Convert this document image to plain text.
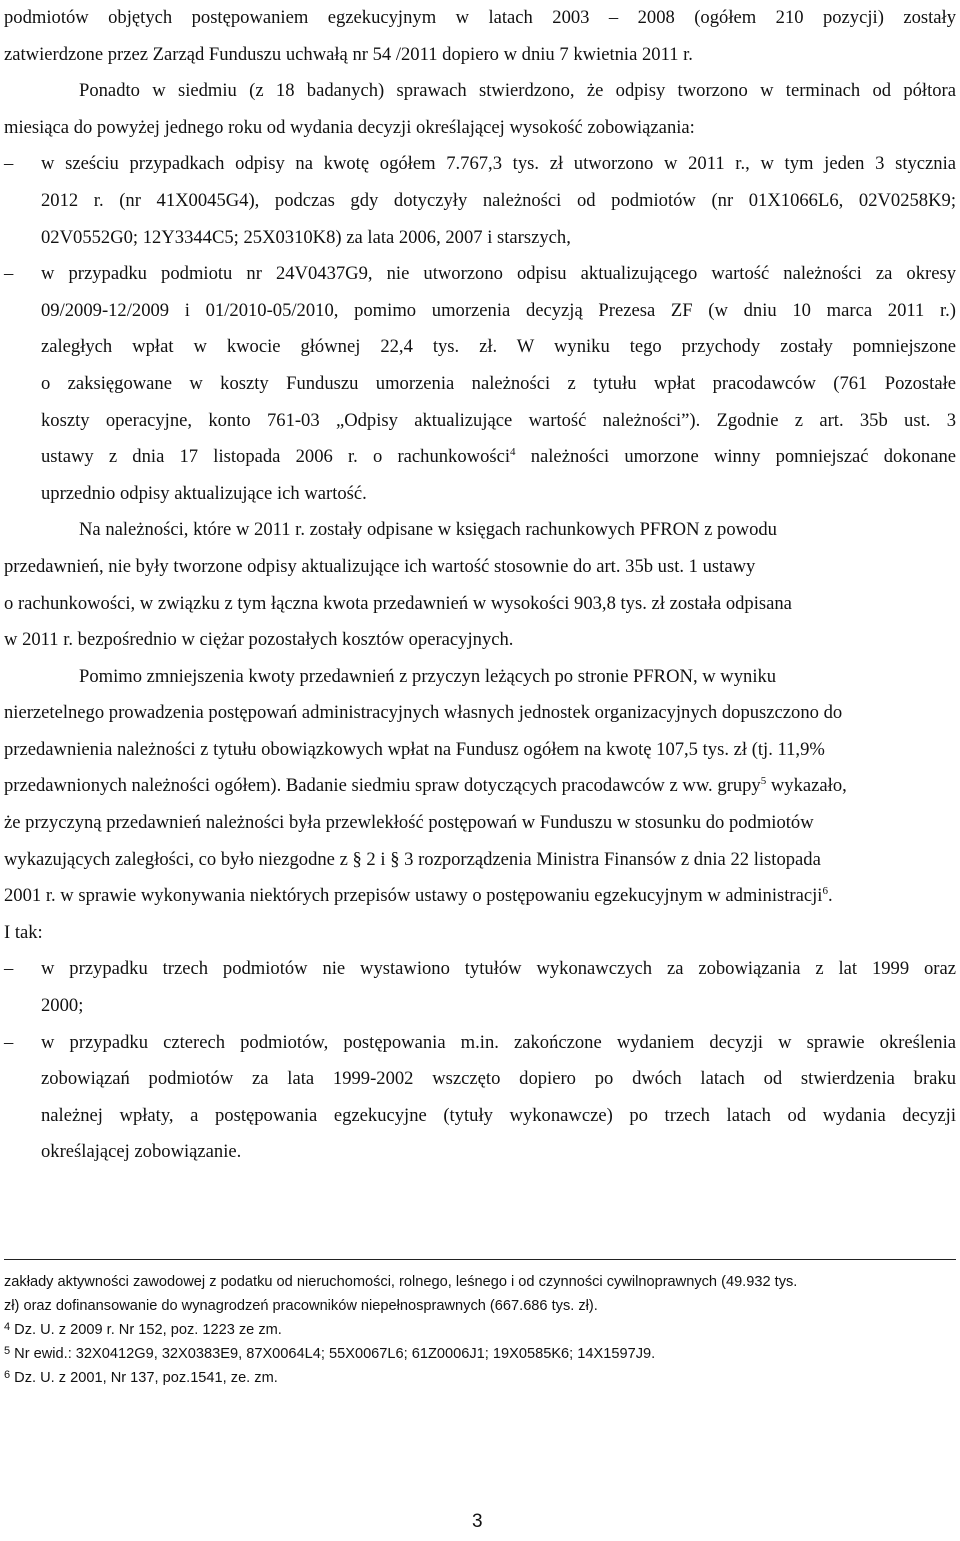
podmiotów objętych postępowaniem egzekucyjnym w latach 2003 – 2008 (ogółem 210 pozycji) zostały
zatwierdzone przez Zarząd Funduszu uchwałą nr 54 /2011 dopiero w dniu 7 kwietnia 2011 r.
Ponadto w siedmiu (z 18 badanych) sprawach stwierdzono, że odpisy tworzono w terminach od półtora
miesiąca do powyżej jednego roku od wydania decyzji określającej wysokość zobowiązania:
–	w sześciu przypadkach odpisy na kwotę ogółem 7.767,3 tys. zł utworzono w 2011 r., w tym jeden 3 stycznia
2012 r. (nr 41X0045G4), podczas gdy dotyczyły należności od podmiotów (nr 01X1066L6, 02V0258K9;
02V0552G0; 12Y3344C5; 25X0310K8) za lata 2006, 2007 i starszych,
–	w przypadku podmiotu nr 24V0437G9, nie utworzono odpisu aktualizującego wartość należności za okresy
09/2009-12/2009 i 01/2010-05/2010, pomimo umorzenia decyzją Prezesa ZF (w dniu 10 marca 2011 r.)
zaległych wpłat w kwocie głównej 22,4 tys. zł. W wyniku tego przychody zostały pomniejszone
o zaksięgowane w koszty Funduszu umorzenia należności z tytułu wpłat pracodawców (761 Pozostałe
koszty operacyjne, konto 761-03 „Odpisy aktualizujące wartość należności”). Zgodnie z art. 35b ust. 3
ustawy z dnia 17 listopada 2006 r. o rachunkowości$^4$ należności umorzone winny pomniejszać dokonane
uprzednio odpisy aktualizujące ich wartość.
Na należności, które w 2011 r. zostały odpisane w księgach rachunkowych PFRON z powodu
przedawnień, nie były tworzone odpisy aktualizujące ich wartość stosownie do art. 35b ust. 1 ustawy
o rachunkowości, w związku z tym łączna kwota przedawnień w wysokości 903,8 tys. zł została odpisana
w 2011 r. bezpośrednio w ciężar pozostałych kosztów operacyjnych.
Pomimo zmniejszenia kwoty przedawnień z przyczyn leżących po stronie PFRON, w wyniku
nierzetelnego prowadzenia postępowań administracyjnych własnych jednostek organizacyjnych dopuszczono do
przedawnienia należności z tytułu obowiązkowych wpłat na Fundusz ogółem na kwotę 107,5 tys. zł (tj. 11,9%
przedawnionych należności ogółem). Badanie siedmiu spraw dotyczących pracodawców z ww. grupy$^5$ wykazało,
że przyczyną przedawnień należności była przewlekłość postępowań w Funduszu w stosunku do podmiotów
wykazujących zaległości, co było niezgodne z § 2 i § 3 rozporządzenia Ministra Finansów z dnia 22 listopada
2001 r. w sprawie wykonywania niektórych przepisów ustawy o postępowaniu egzekucyjnym w administracji$^6$.
I tak:
–	w przypadku trzech podmiotów nie wystawiono tytułów wykonawczych za zobowiązania z lat 1999 oraz
2000;
–	w przypadku czterech podmiotów, postępowania m.in. zakończone wydaniem decyzji w sprawie określenia
zobowiązań podmiotów za lata 1999-2002 wszczęto dopiero po dwóch latach od stwierdzenia braku
należnej wpłaty, a postępowania egzekucyjne (tytuły wykonawcze) po trzech latach od wydania decyzji
określającej zobowiązanie.
zakłady aktywności zawodowej z podatku od nieruchomości, rolnego, leśnego i od czynności cywilnoprawnych (49.932 tys.
zł) oraz dofinansowanie do wynagrodzeń pracowników niepełnosprawnych (667.686 tys. zł).
$^4$ Dz. U. z 2009 r. Nr 152, poz. 1223 ze zm.
$^5$ Nr ewid.: 32X0412G9, 32X0383E9, 87X0064L4; 55X0067L6; 61Z0006J1; 19X0585K6; 14X1597J9.
$^6$ Dz. U. z 2001, Nr 137, poz.1541, ze. zm.
3
